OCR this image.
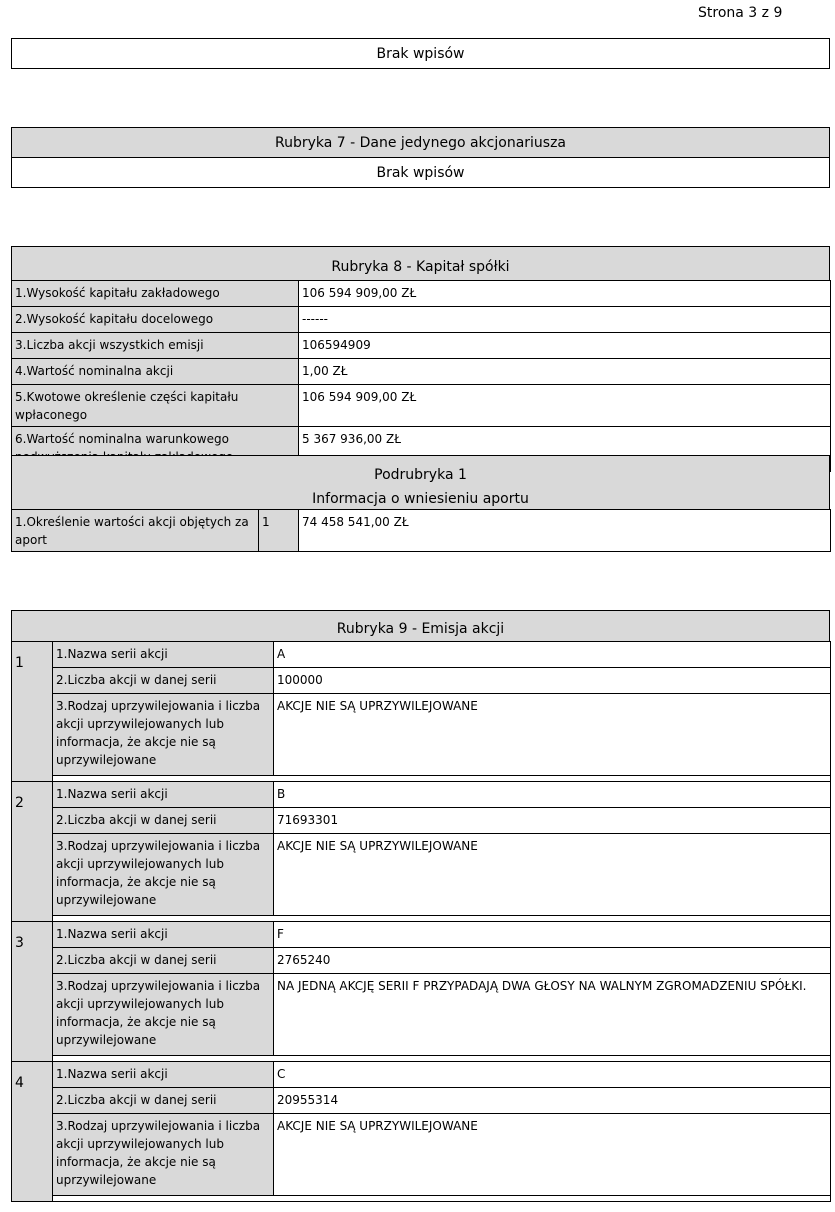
Strona 3 z 9
Brak wpisów
Rubryka 7 - Dane jedynego akcjonariusza
Brak wpisów
Rubryka 8 - Kapitał spółki
1.Wysokość kapitału zakładowego	106 594 909,00 ZŁ
2.Wysokość kapitału docelowego	------
3.Liczba akcji wszystkich emisji	106594909
4.Wartość nominalna akcji	1,00 ZŁ
5.Kwotowe określenie części kapitału wpłaconego	106 594 909,00 ZŁ
6.Wartość nominalna warunkowego	5 367 936,00 ZŁ
Podrubryka 1
Informacja o wniesieniu aportu
1.Określenie wartości akcji objętych za aport	1	74 458 541,00 ZŁ
Rubryka 9 - Emisja akcji
1	1.Nazwa serii akcji	A
	2.Liczba akcji w danej serii	100000
	3.Rodzaj uprzywilejowania i liczba akcji uprzywilejowanych lub informacja, że akcje nie są uprzywilejowane	AKCJE NIE SĄ UPRZYWILEJOWANE

2	1.Nazwa serii akcji	B
	2.Liczba akcji w danej serii	71693301
	3.Rodzaj uprzywilejowania i liczba akcji uprzywilejowanych lub informacja, że akcje nie są uprzywilejowane	AKCJE NIE SĄ UPRZYWILEJOWANE

3	1.Nazwa serii akcji	F
	2.Liczba akcji w danej serii	2765240
	3.Rodzaj uprzywilejowania i liczba akcji uprzywilejowanych lub informacja, że akcje nie są uprzywilejowane	NA JEDNĄ AKCJĘ SERII F PRZYPADAJĄ DWA GŁOSY NA WALNYM ZGROMADZENIU SPÓŁKI.

4	1.Nazwa serii akcji	C
	2.Liczba akcji w danej serii	20955314
	3.Rodzaj uprzywilejowania i liczba akcji uprzywilejowanych lub informacja, że akcje nie są uprzywilejowane	AKCJE NIE SĄ UPRZYWILEJOWANE
